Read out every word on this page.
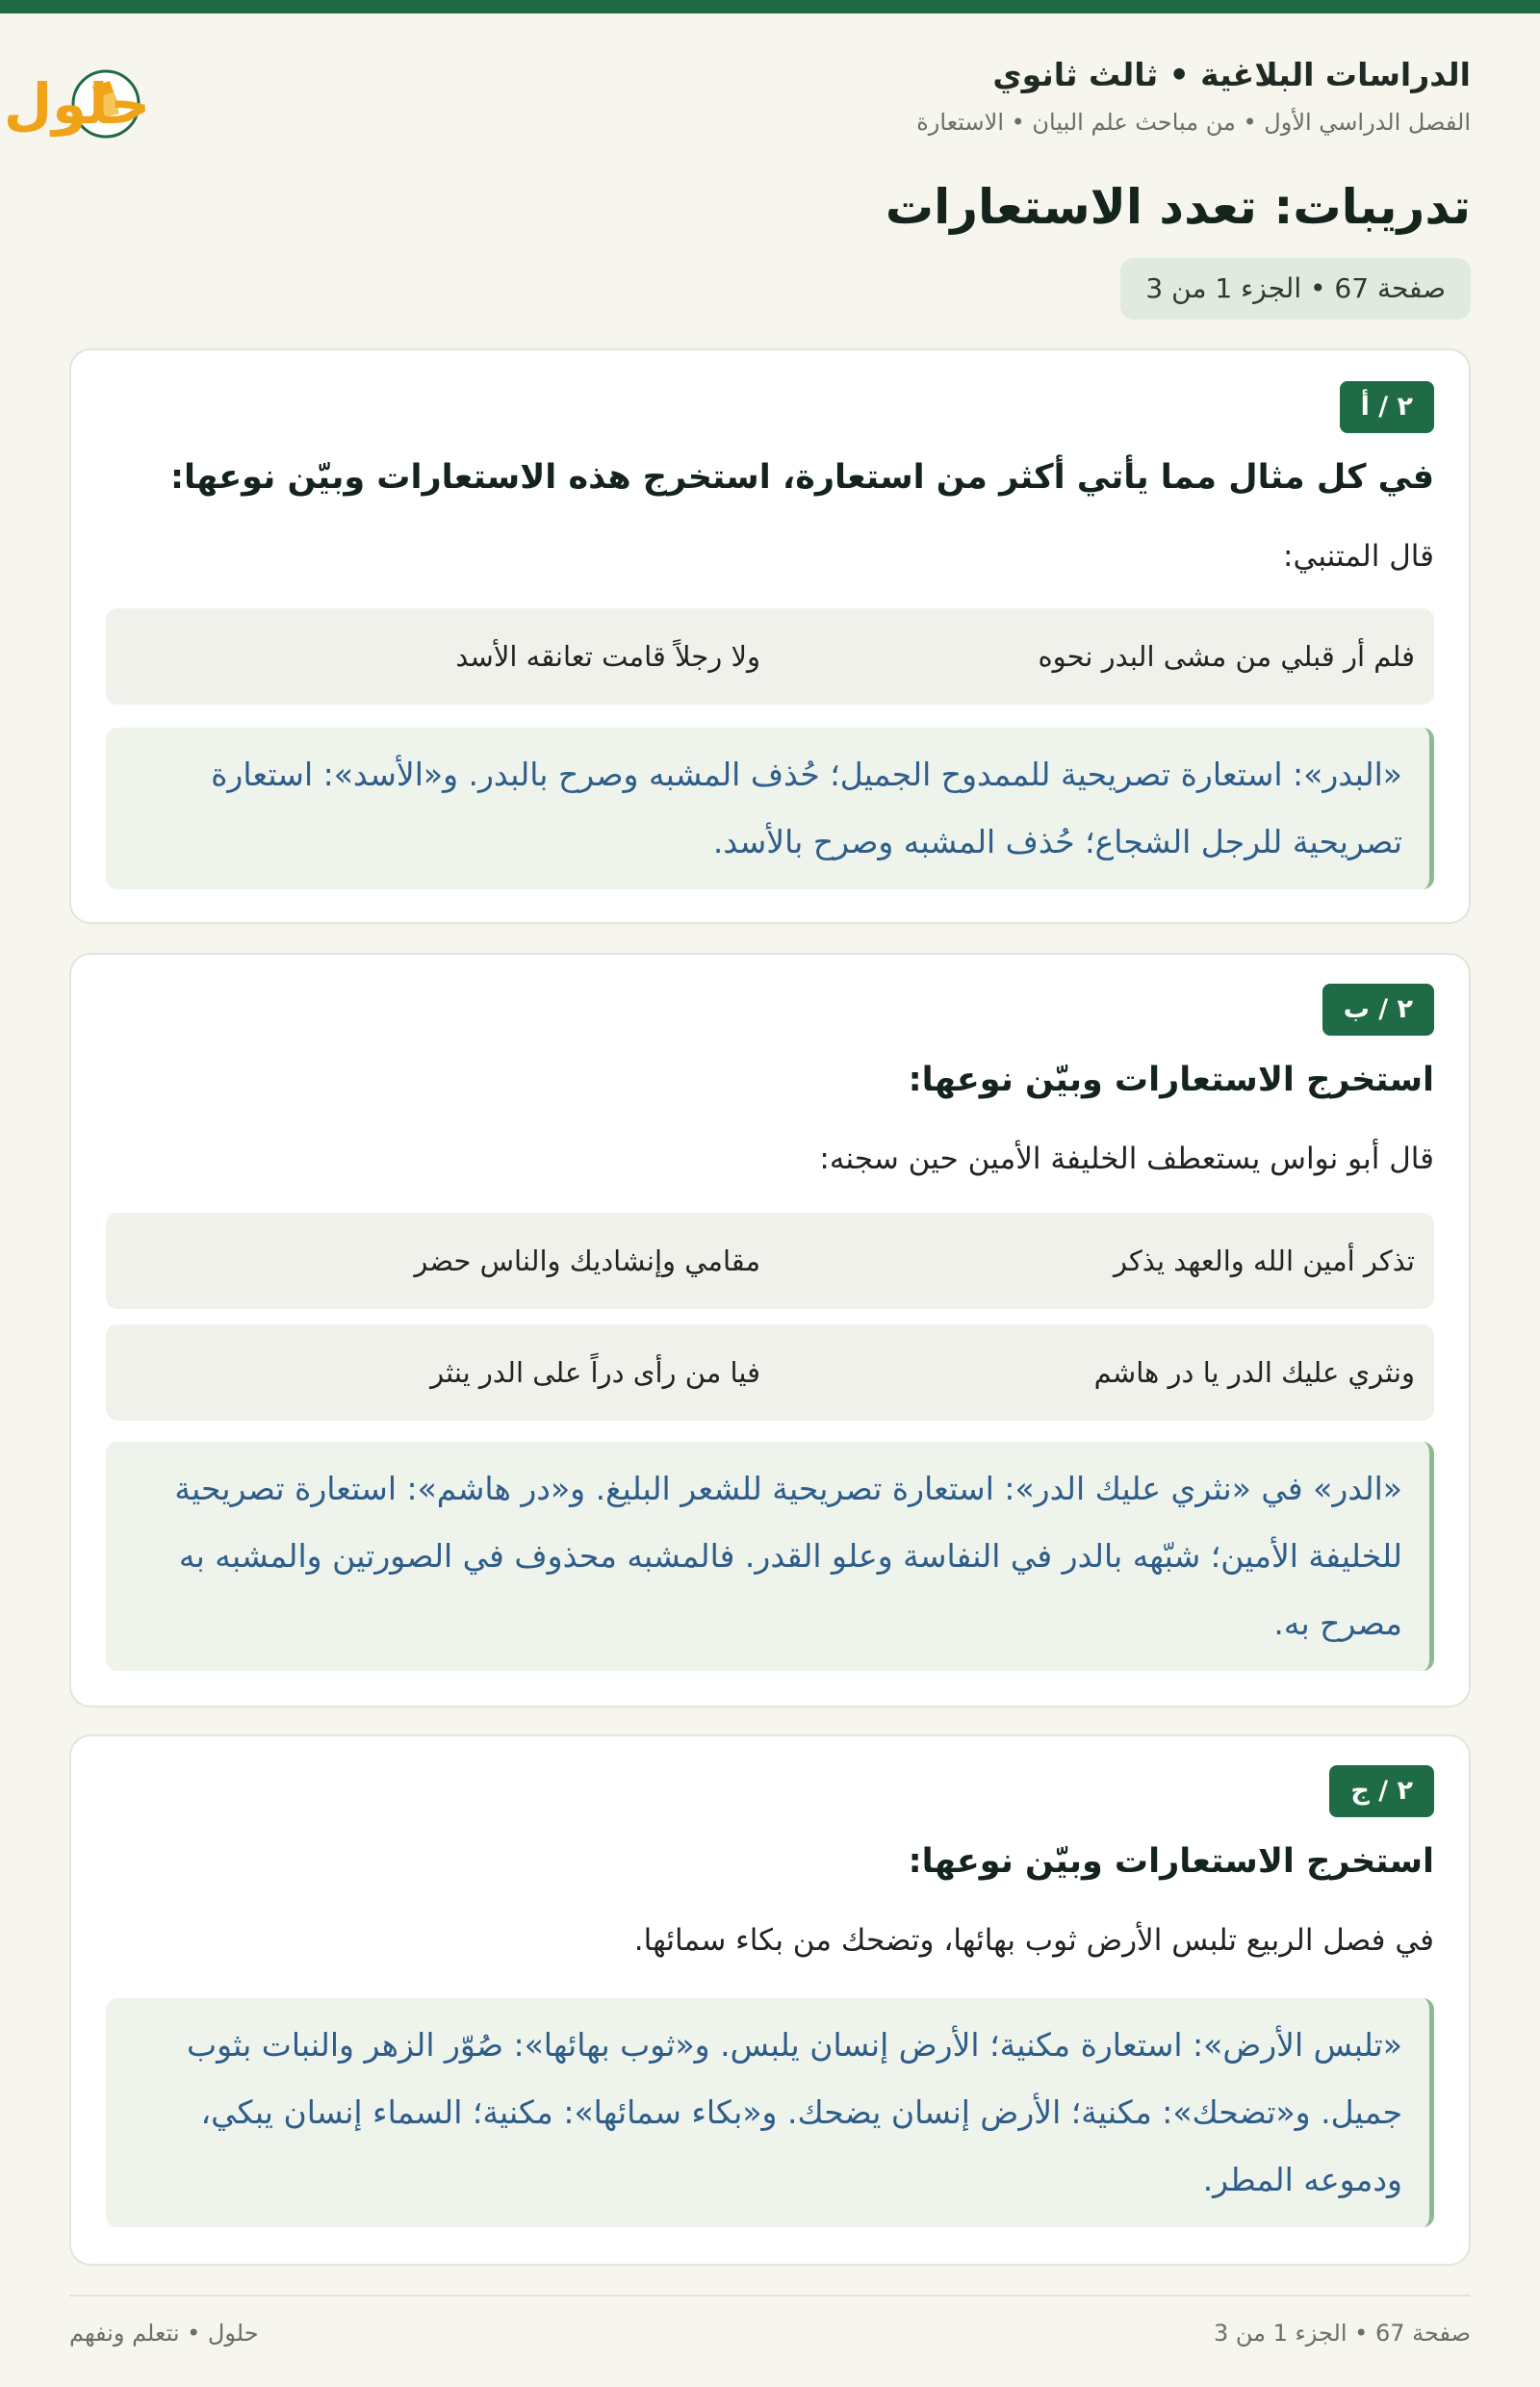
الدراسات البلاغية • ثالث ثانوي
الفصل الدراسي الأول • من مباحث علم البيان • الاستعارة
حلول
تدريبات: تعدد الاستعارات
صفحة 67 • الجزء 1 من 3
٢ / أ
في كل مثال مما يأتي أكثر من استعارة، استخرج هذه الاستعارات وبيّن نوعها:
قال المتنبي:
فلم أر قبلي من مشى البدر نحوه
ولا رجلاً قامت تعانقه الأسد
«البدر»: استعارة تصريحية للممدوح الجميل؛ حُذف المشبه وصرح بالبدر. و«الأسد»: استعارة تصريحية للرجل الشجاع؛ حُذف المشبه وصرح بالأسد.
٢ / ب
استخرج الاستعارات وبيّن نوعها:
قال أبو نواس يستعطف الخليفة الأمين حين سجنه:
تذكر أمين الله والعهد يذكر
مقامي وإنشاديك والناس حضر
ونثري عليك الدر يا در هاشم
فيا من رأى دراً على الدر ينثر
«الدر» في «نثري عليك الدر»: استعارة تصريحية للشعر البليغ. و«در هاشم»: استعارة تصريحية للخليفة الأمين؛ شبّهه بالدر في النفاسة وعلو القدر. فالمشبه محذوف في الصورتين والمشبه به مصرح به.
٢ / ج
استخرج الاستعارات وبيّن نوعها:
في فصل الربيع تلبس الأرض ثوب بهائها، وتضحك من بكاء سمائها.
«تلبس الأرض»: استعارة مكنية؛ الأرض إنسان يلبس. و«ثوب بهائها»: صُوّر الزهر والنبات بثوب جميل. و«تضحك»: مكنية؛ الأرض إنسان يضحك. و«بكاء سمائها»: مكنية؛ السماء إنسان يبكي، ودموعه المطر.
صفحة 67 • الجزء 1 من 3
حلول • نتعلم ونفهم
